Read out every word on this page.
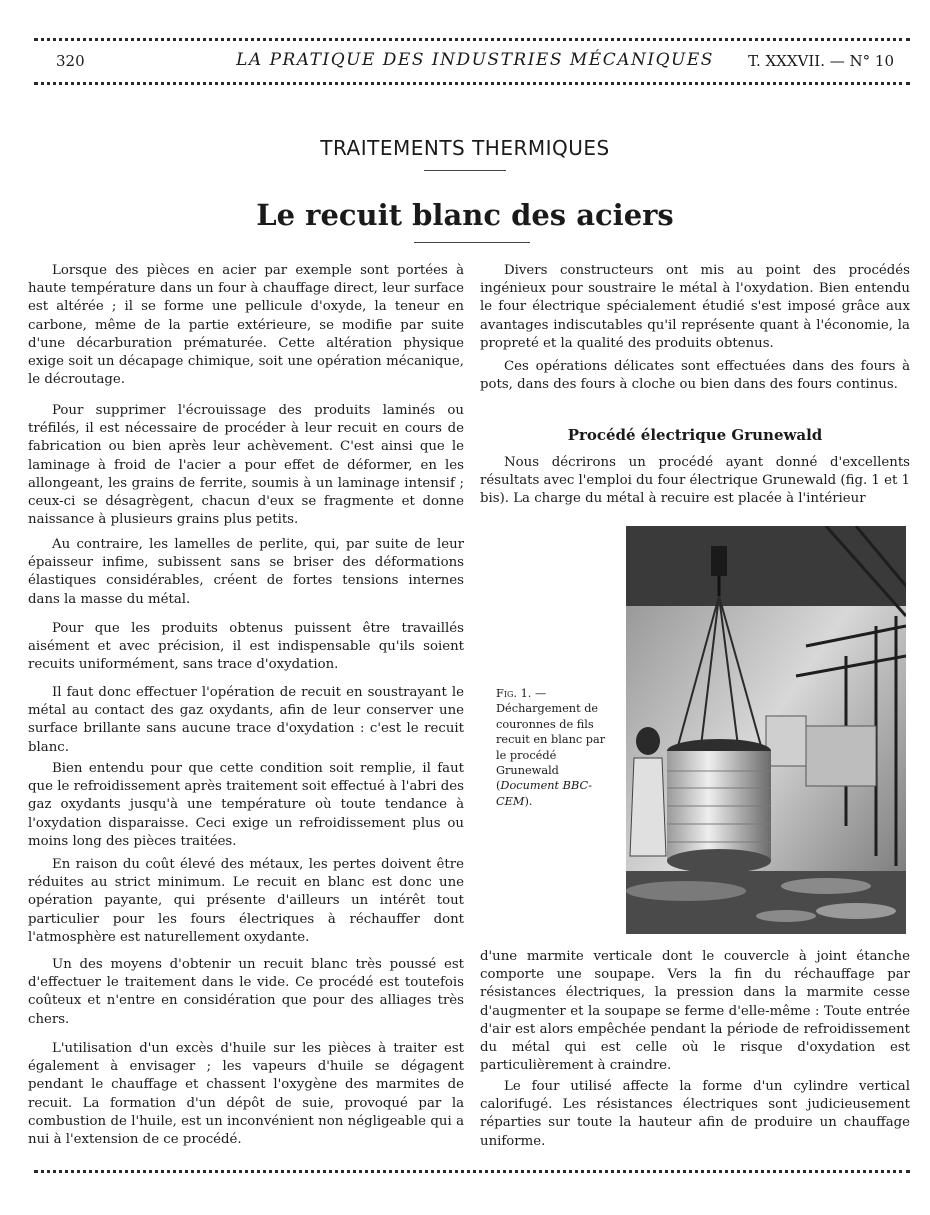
320	LA PRATIQUE DES INDUSTRIES MÉCANIQUES	T. XXXVII. — N° 10
TRAITEMENTS THERMIQUES
Le recuit blanc des aciers

Lorsque des pièces en acier par exemple sont portées à haute température dans un four à chauffage direct, leur surface est altérée ; il se forme une pellicule d'oxyde, la teneur en carbone, même de la partie extérieure, se modifie par suite d'une décarburation prématurée. Cette altération physique exige soit un décapage chimique, soit une opération mécanique, le décroutage.

Pour supprimer l'écrouissage des produits laminés ou tréfilés, il est nécessaire de procéder à leur recuit en cours de fabrication ou bien après leur achèvement. C'est ainsi que le laminage à froid de l'acier a pour effet de déformer, en les allongeant, les grains de ferrite, soumis à un laminage intensif ; ceux-ci se désagrègent, chacun d'eux se fragmente et donne naissance à plusieurs grains plus petits.

Au contraire, les lamelles de perlite, qui, par suite de leur épaisseur infime, subissent sans se briser des déformations élastiques considérables, créent de fortes tensions internes dans la masse du métal.

Pour que les produits obtenus puissent être travaillés aisément et avec précision, il est indispensable qu'ils soient recuits uniformément, sans trace d'oxydation.

Il faut donc effectuer l'opération de recuit en soustrayant le métal au contact des gaz oxydants, afin de leur conserver une surface brillante sans aucune trace d'oxydation : c'est le recuit blanc.

Bien entendu pour que cette condition soit remplie, il faut que le refroidissement après traitement soit effectué à l'abri des gaz oxydants jusqu'à une température où toute tendance à l'oxydation disparaisse. Ceci exige un refroidissement plus ou moins long des pièces traitées.

En raison du coût élevé des métaux, les pertes doivent être réduites au strict minimum. Le recuit en blanc est donc une opération payante, qui présente d'ailleurs un intérêt tout particulier pour les fours électriques à réchauffer dont l'atmosphère est naturellement oxydante.

Un des moyens d'obtenir un recuit blanc très poussé est d'effectuer le traitement dans le vide. Ce procédé est toutefois coûteux et n'entre en considération que pour des alliages très chers.

L'utilisation d'un excès d'huile sur les pièces à traiter est également à envisager ; les vapeurs d'huile se dégagent pendant le chauffage et chassent l'oxygène des marmites de recuit. La formation d'un dépôt de suie, provoqué par la combustion de l'huile, est un inconvénient non négligeable qui a nui à l'extension de ce procédé.

Divers constructeurs ont mis au point des procédés ingénieux pour soustraire le métal à l'oxydation. Bien entendu le four électrique spécialement étudié s'est imposé grâce aux avantages indiscutables qu'il représente quant à l'économie, la propreté et la qualité des produits obtenus.

Ces opérations délicates sont effectuées dans des fours à pots, dans des fours à cloche ou bien dans des fours continus.

Procédé électrique Grunewald

Nous décrirons un procédé ayant donné d'excellents résultats avec l'emploi du four électrique Grunewald (fig. 1 et 1 bis). La charge du métal à recuire est placée à l'intérieur

Fig. 1. — Déchargement de couronnes de fils recuit en blanc par le procédé Grunewald (Document BBC-CEM).

d'une marmite verticale dont le couvercle à joint étanche comporte une soupape. Vers la fin du réchauffage par résistances électriques, la pression dans la marmite cesse d'augmenter et la soupape se ferme d'elle-même : Toute entrée d'air est alors empêchée pendant la période de refroidissement du métal qui est celle où le risque d'oxydation est particulièrement à craindre.

Le four utilisé affecte la forme d'un cylindre vertical calorifugé. Les résistances électriques sont judicieusement réparties sur toute la hauteur afin de produire un chauffage uniforme.
